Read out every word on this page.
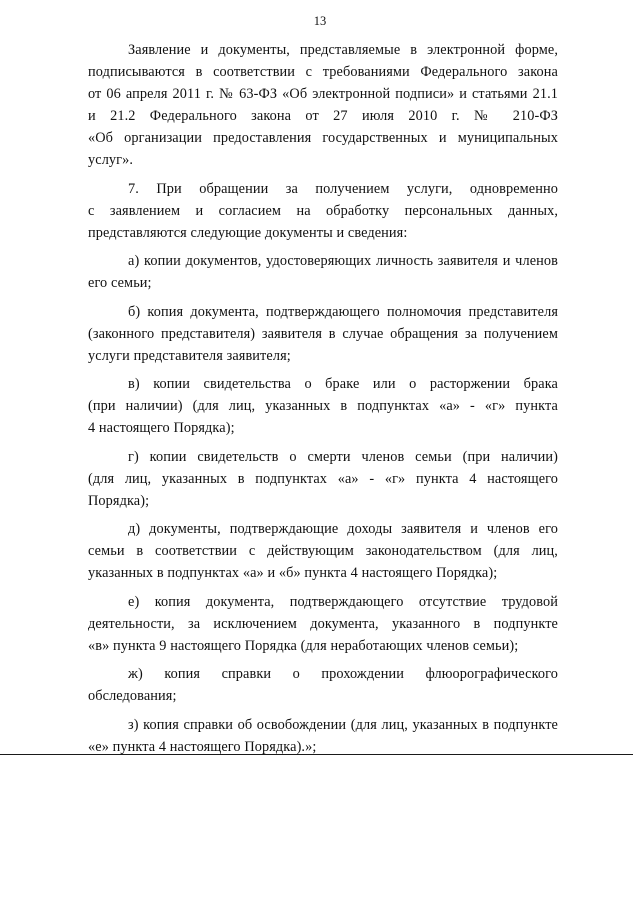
13

Заявление и документы, представляемые в электронной форме,
подписываются в соответствии с требованиями Федерального закона
от 06 апреля 2011 г. № 63-ФЗ «Об электронной подписи» и статьями 21.1
и 21.2 Федерального закона от 27 июля 2010 г. № 210-ФЗ
«Об организации предоставления государственных и муниципальных
услуг».

7. При обращении за получением услуги, одновременно
с заявлением и согласием на обработку персональных данных,
представляются следующие документы и сведения:

а) копии документов, удостоверяющих личность заявителя и членов
его семьи;

б) копия документа, подтверждающего полномочия представителя
(законного представителя) заявителя в случае обращения за получением
услуги представителя заявителя;

в) копии свидетельства о браке или о расторжении брака
(при наличии) (для лиц, указанных в подпунктах «а» - «г» пункта
4 настоящего Порядка);

г) копии свидетельств о смерти членов семьи (при наличии)
(для лиц, указанных в подпунктах «а» - «г» пункта 4 настоящего
Порядка);

д) документы, подтверждающие доходы заявителя и членов его
семьи в соответствии с действующим законодательством (для лиц,
указанных в подпунктах «а» и «б» пункта 4 настоящего Порядка);

е) копия документа, подтверждающего отсутствие трудовой
деятельности, за исключением документа, указанного в подпункте
«в» пункта 9 настоящего Порядка (для неработающих членов семьи);

ж) копия справки о прохождении флюорографического
обследования;

з) копия справки об освобождении (для лиц, указанных в подпункте
«е» пункта 4 настоящего Порядка).»;
